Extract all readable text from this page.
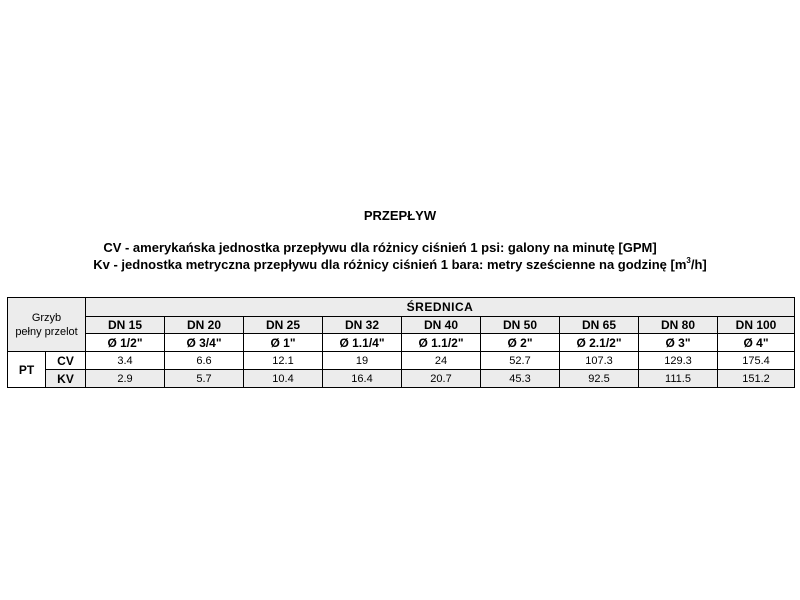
PRZEPŁYW
CV - amerykańska jednostka przepływu dla różnicy ciśnień 1 psi: galony na minutę [GPM]
Kv - jednostka metryczna przepływu dla różnicy ciśnień 1 bara: metry sześcienne na godzinę $[m^3/h]$
Grzyb
pełny przelot		ŚREDNICA								
		DN 15	DN 20	DN 25	DN 32	DN 40	DN 50	DN 65	DN 80	DN 100
		Ø 1/2"	Ø 3/4"	Ø 1"	Ø 1.1/4"	Ø 1.1/2"	Ø 2"	Ø 2.1/2"	Ø 3"	Ø 4"
PT	CV	3.4	6.6	12.1	19	24	52.7	107.3	129.3	175.4
	KV	2.9	5.7	10.4	16.4	20.7	45.3	92.5	111.5	151.2
